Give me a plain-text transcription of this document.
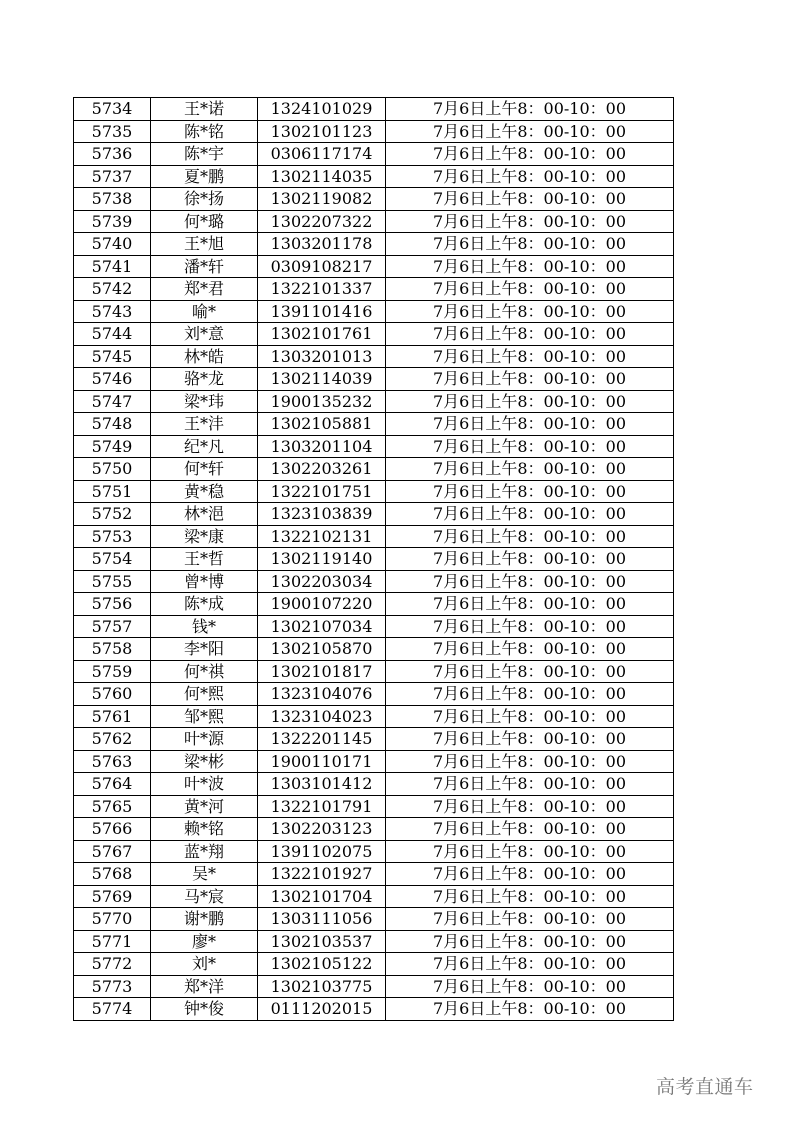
5734	王*诺	1324101029	7月6日上午8：00-10：00
5735	陈*铭	1302101123	7月6日上午8：00-10：00
5736	陈*宇	0306117174	7月6日上午8：00-10：00
5737	夏*鹏	1302114035	7月6日上午8：00-10：00
5738	徐*扬	1302119082	7月6日上午8：00-10：00
5739	何*璐	1302207322	7月6日上午8：00-10：00
5740	王*旭	1303201178	7月6日上午8：00-10：00
5741	潘*轩	0309108217	7月6日上午8：00-10：00
5742	郑*君	1322101337	7月6日上午8：00-10：00
5743	喻*	1391101416	7月6日上午8：00-10：00
5744	刘*意	1302101761	7月6日上午8：00-10：00
5745	林*皓	1303201013	7月6日上午8：00-10：00
5746	骆*龙	1302114039	7月6日上午8：00-10：00
5747	梁*玮	1900135232	7月6日上午8：00-10：00
5748	王*沣	1302105881	7月6日上午8：00-10：00
5749	纪*凡	1303201104	7月6日上午8：00-10：00
5750	何*轩	1302203261	7月6日上午8：00-10：00
5751	黄*稳	1322101751	7月6日上午8：00-10：00
5752	林*浥	1323103839	7月6日上午8：00-10：00
5753	梁*康	1322102131	7月6日上午8：00-10：00
5754	王*哲	1302119140	7月6日上午8：00-10：00
5755	曾*博	1302203034	7月6日上午8：00-10：00
5756	陈*成	1900107220	7月6日上午8：00-10：00
5757	钱*	1302107034	7月6日上午8：00-10：00
5758	李*阳	1302105870	7月6日上午8：00-10：00
5759	何*祺	1302101817	7月6日上午8：00-10：00
5760	何*熙	1323104076	7月6日上午8：00-10：00
5761	邹*熙	1323104023	7月6日上午8：00-10：00
5762	叶*源	1322201145	7月6日上午8：00-10：00
5763	梁*彬	1900110171	7月6日上午8：00-10：00
5764	叶*波	1303101412	7月6日上午8：00-10：00
5765	黄*河	1322101791	7月6日上午8：00-10：00
5766	赖*铭	1302203123	7月6日上午8：00-10：00
5767	蓝*翔	1391102075	7月6日上午8：00-10：00
5768	吴*	1322101927	7月6日上午8：00-10：00
5769	马*宸	1302101704	7月6日上午8：00-10：00
5770	谢*鹏	1303111056	7月6日上午8：00-10：00
5771	廖*	1302103537	7月6日上午8：00-10：00
5772	刘*	1302105122	7月6日上午8：00-10：00
5773	郑*洋	1302103775	7月6日上午8：00-10：00
5774	钟*俊	0111202015	7月6日上午8：00-10：00
高考直通车
